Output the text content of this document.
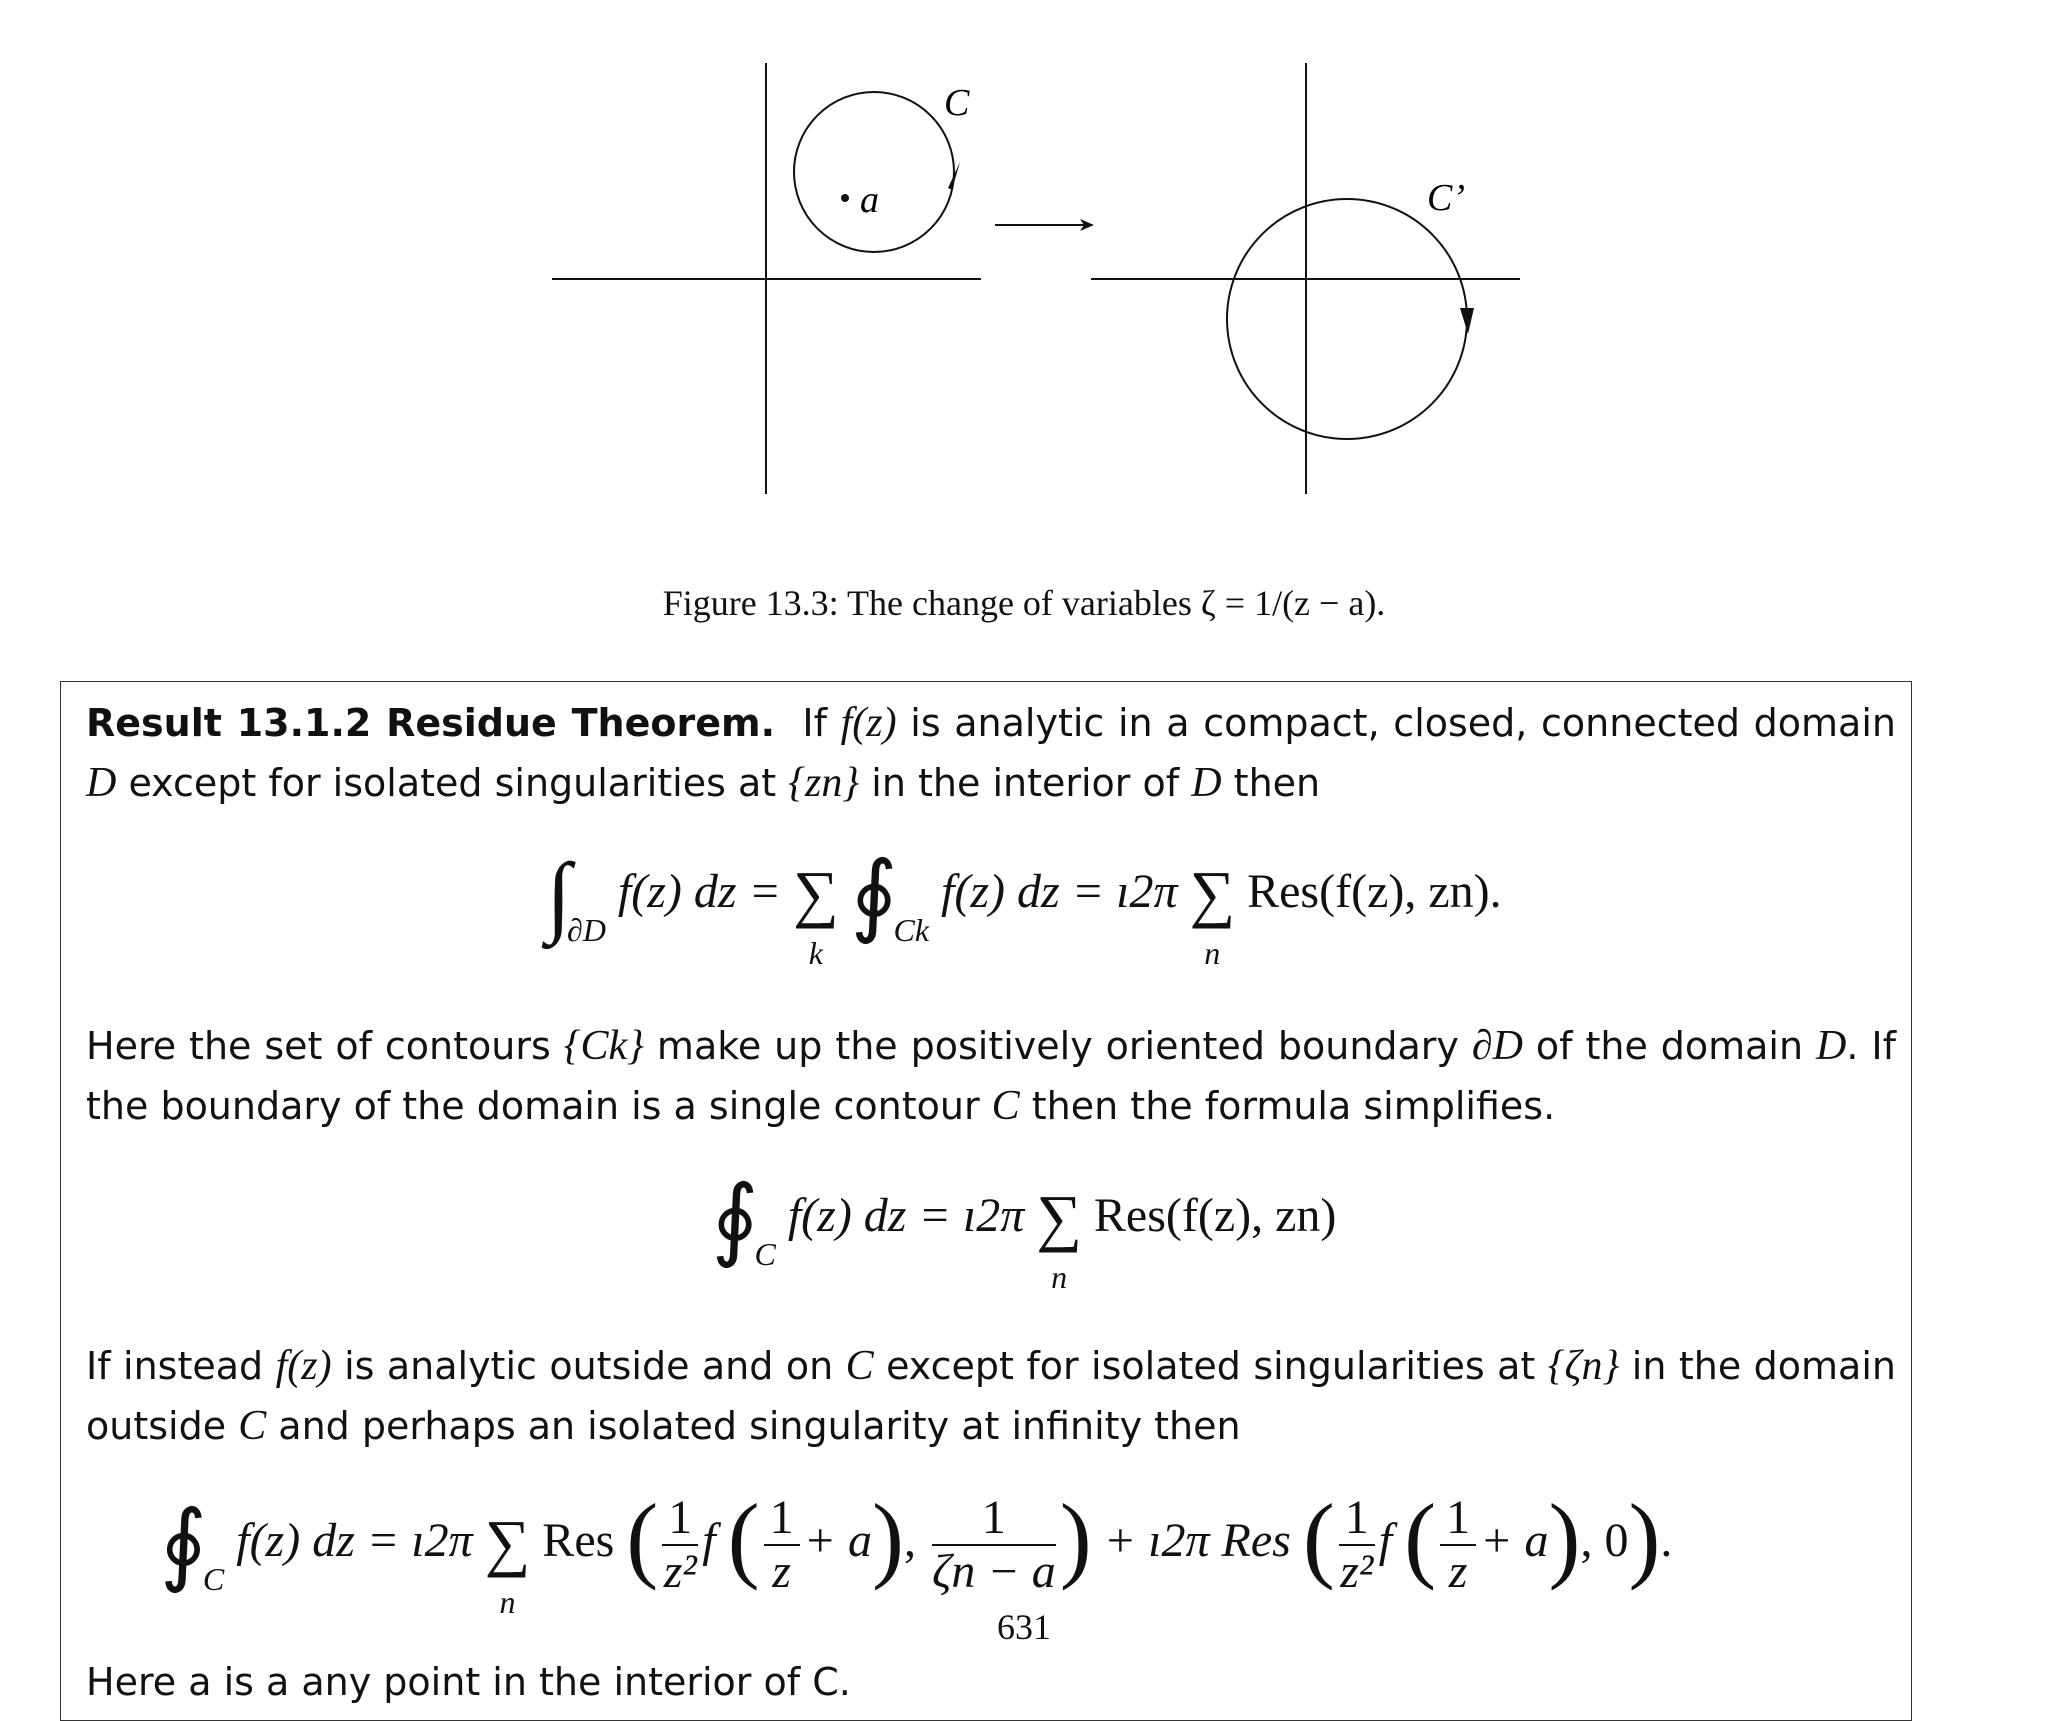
a
C
C’
Figure 13.3: The change of variables ζ = 1/(z − a).

Result 13.1.2 Residue Theorem. If f(z) is analytic in a compact, closed, connected domain D except for isolated singularities at {zn} in the interior of D then

$\int_{\partial D}$ f(z) dz = ∑
k
$∮_{Ck}$ f(z) dz = ı2π ∑
n
Res(f(z), zn).

Here the set of contours {Ck} make up the positively oriented boundary ∂D of the domain D. If the boundary of the domain is a single contour C then the formula simplifies.

$∮_C$ f(z) dz = ı2π ∑
n
Res(f(z), zn)

If instead f(z) is analytic outside and on C except for isolated singularities at {ζn} in the domain outside C and perhaps an isolated singularity at infinity then

$∮_C$ f(z) dz = ı2π ∑
n
Res ( $\frac{1}{\text{z²}}$ f ( $\frac{1}{z} + a$), $\frac{1}{\zeta n - a}$ ) + ı2π Res ( $\frac{1}{\text{z²}}$ f ( $\frac{1}{z} + a$), 0).
631

Here a is a any point in the interior of C.
